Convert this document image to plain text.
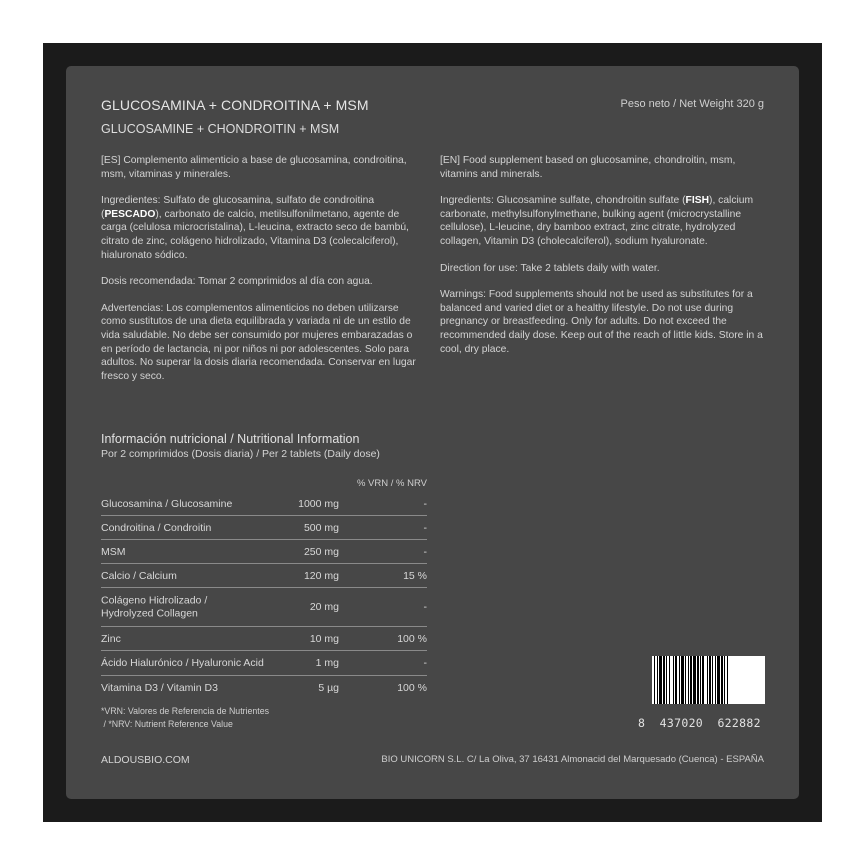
GLUCOSAMINA + CONDROITINA + MSM
GLUCOSAMINE + CHONDROITIN + MSM
Peso neto / Net Weight 320 g

[ES] Complemento alimenticio a base de glucosamina, condroitina, msm, vitaminas y minerales.

Ingredientes: Sulfato de glucosamina, sulfato de condroitina (PESCADO), carbonato de calcio, metilsulfonilmetano, agente de carga (celulosa microcristalina), L-leucina, extracto seco de bambú, citrato de zinc, colágeno hidrolizado, Vitamina D3 (colecalciferol), hialuronato sódico.

Dosis recomendada: Tomar 2 comprimidos al día con agua.

Advertencias: Los complementos alimenticios no deben utilizarse como sustitutos de una dieta equilibrada y variada ni de un estilo de vida saludable. No debe ser consumido por mujeres embarazadas o en período de lactancia, ni por niños ni por adolescentes. Solo para adultos. No superar la dosis diaria recomendada. Conservar en lugar fresco y seco.

[EN] Food supplement based on glucosamine, chondroitin, msm, vitamins and minerals.

Ingredients: Glucosamine sulfate, chondroitin sulfate (FISH), calcium carbonate, methylsulfonylmethane, bulking agent (microcrystalline cellulose), L-leucine, dry bamboo extract, zinc citrate, hydrolyzed collagen, Vitamin D3 (cholecalciferol), sodium hyaluronate.

Direction for use: Take 2 tablets daily with water.

Warnings: Food supplements should not be used as substitutes for a balanced and varied diet or a healthy lifestyle. Do not use during pregnancy or breastfeeding. Only for adults. Do not exceed the recommended daily dose. Keep out of the reach of little kids. Store in a cool, dry place.

Información nutricional / Nutritional Information
Por 2 comprimidos (Dosis diaria) / Per 2 tablets (Daily dose)
% VRN / % NRV
Glucosamina / Glucosamine	1000 mg	-
Condroitina / Condroitin	500 mg	-
MSM	250 mg	-
Calcio / Calcium	120 mg	15 %
Colágeno Hidrolizado /
Hydrolyzed Collagen	20 mg	-
Zinc	10 mg	100 %
Ácido Hialurónico / Hyaluronic Acid	1 mg	-
Vitamina D3 / Vitamin D3	5 µg	100 %
*VRN: Valores de Referencia de Nutrientes
/ *NRV: Nutrient Reference Value	8  437020  622882
ALDOUSBIO.COM	BIO UNICORN S.L. C/ La Oliva, 37 16431 Almonacid del Marquesado (Cuenca) - ESPAÑA
